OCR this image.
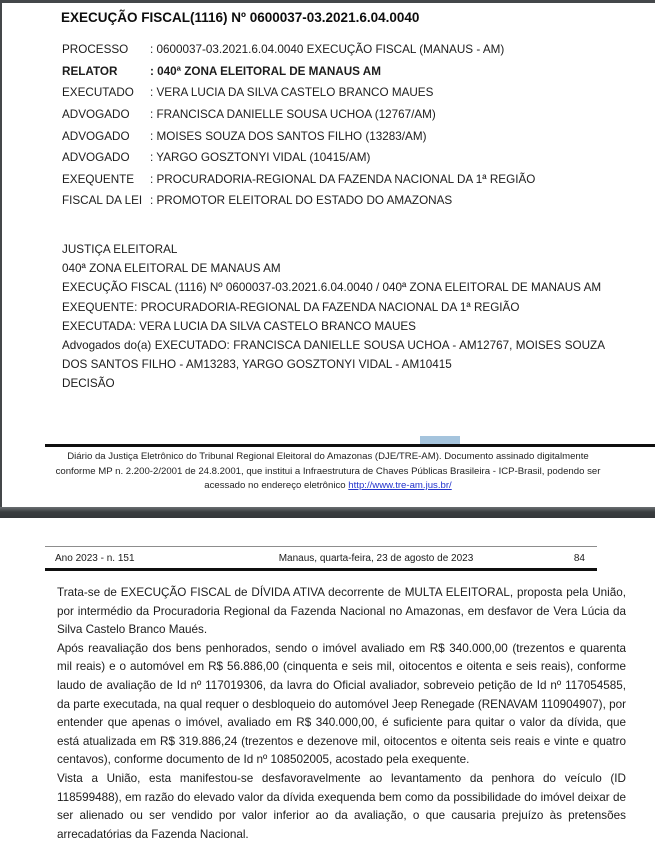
EXECUÇÃO FISCAL(1116) Nº 0600037-03.2021.6.04.0040
PROCESSO	: 0600037-03.2021.6.04.0040 EXECUÇÃO FISCAL (MANAUS - AM)
RELATOR	: 040ª ZONA ELEITORAL DE MANAUS AM
EXECUTADO	: VERA LUCIA DA SILVA CASTELO BRANCO MAUES
ADVOGADO	: FRANCISCA DANIELLE SOUSA UCHOA (12767/AM)
ADVOGADO	: MOISES SOUZA DOS SANTOS FILHO (13283/AM)
ADVOGADO	: YARGO GOSZTONYI VIDAL (10415/AM)
EXEQUENTE	: PROCURADORIA-REGIONAL DA FAZENDA NACIONAL DA 1ª REGIÃO
FISCAL DA LEI : PROMOTOR ELEITORAL DO ESTADO DO AMAZONAS
JUSTIÇA ELEITORAL
040ª ZONA ELEITORAL DE MANAUS AM

EXECUÇÃO FISCAL (1116) Nº 0600037-03.2021.6.04.0040 / 040ª ZONA ELEITORAL DE MANAUS AM

EXEQUENTE: PROCURADORIA-REGIONAL DA FAZENDA NACIONAL DA 1ª REGIÃO
EXECUTADA: VERA LUCIA DA SILVA CASTELO BRANCO MAUES

Advogados do(a) EXECUTADO: FRANCISCA DANIELLE SOUSA UCHOA - AM12767, MOISES SOUZA DOS SANTOS FILHO - AM13283, YARGO GOSZTONYI VIDAL - AM10415

DECISÃO
Diário da Justiça Eletrônico do Tribunal Regional Eleitoral do Amazonas (DJE/TRE-AM). Documento assinado digitalmente conforme MP n. 2.200-2/2001 de 24.8.2001, que institui a Infraestrutura de Chaves Públicas Brasileira - ICP-Brasil, podendo ser acessado no endereço eletrônico http://www.tre-am.jus.br/
Ano 2023 - n. 151	Manaus, quarta-feira, 23 de agosto de 2023	84

Trata-se de EXECUÇÃO FISCAL de DÍVIDA ATIVA decorrente de MULTA ELEITORAL, proposta pela União, por intermédio da Procuradoria Regional da Fazenda Nacional no Amazonas, em desfavor de Vera Lúcia da Silva Castelo Branco Maués.

Após reavaliação dos bens penhorados, sendo o imóvel avaliado em R$ 340.000,00 (trezentos e quarenta mil reais) e o automóvel em R$ 56.886,00 (cinquenta e seis mil, oitocentos e oitenta e seis reais), conforme laudo de avaliação de Id nº 117019306, da lavra do Oficial avaliador, sobreveio petição de Id nº 117054585, da parte executada, na qual requer o desbloqueio do automóvel Jeep Renegade (RENAVAM 110904907), por entender que apenas o imóvel, avaliado em R$ 340.000,00, é suficiente para quitar o valor da dívida, que está atualizada em R$ 319.886,24 (trezentos e dezenove mil, oitocentos e oitenta seis reais e vinte e quatro centavos), conforme documento de Id nº 108502005, acostado pela exequente.

Vista a União, esta manifestou-se desfavoravelmente ao levantamento da penhora do veículo (ID 118599488), em razão do elevado valor da dívida exequenda bem como da possibilidade do imóvel deixar de ser alienado ou ser vendido por valor inferior ao da avaliação, o que causaria prejuízo às pretensões arrecadatórias da Fazenda Nacional.
